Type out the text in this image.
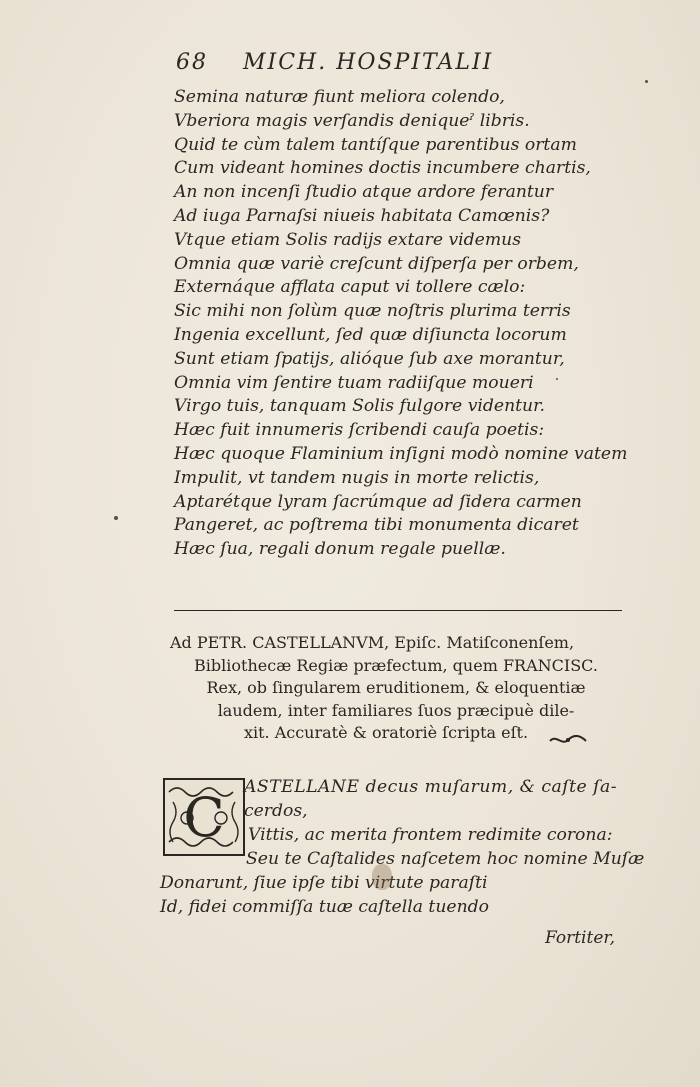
68 MICH. HOSPITALII
Semina naturæ fiunt meliora colendo,
Vberiora magis verſandis deniqueˀ libris.
Quid te cùm talem tantíſque parentibus ortam
Cum videant homines doctis incumbere chartis,
An non incenſi ſtudio atque ardore ferantur
Ad iuga Parnaſsi niueis habitata Camœnis?
Vtque etiam Solis radijs extare videmus
Omnia quæ variè creſcunt diſperſa per orbem,
Externáque afflata caput vi tollere cælo:
Sic mihi non ſolùm quæ noſtris plurima terris
Ingenia excellunt, ſed quæ diſiuncta locorum
Sunt etiam ſpatijs, alióque ſub axe morantur,
Omnia vim ſentire tuam radiiſque moueri
Virgo tuis, tanquam Solis fulgore videntur.
Hæc fuit innumeris ſcribendi cauſa poetis:
Hæc quoque Flaminium inſigni modò nomine vatem
Impulit, vt tandem nugis in morte relictis,
Aptarétque lyram ſacrúmque ad ſidera carmen
Pangeret, ac poſtrema tibi monumenta dicaret
Hæc ſua, regali donum regale puellæ.
Ad PETR. CASTELLANVM, Epiſc. Matiſconenſem,
Bibliothecæ Regiæ præfectum, quem FRANCISC.
Rex, ob ſingularem eruditionem, & eloquentiæ
laudem, inter familiares ſuos præcipuè dile-
xit. Accuratè & oratoriè ſcripta eſt.
C	ASTELLANE decus muſarum, & caſte ſa-
cerdos,
Vittis, ac merita frontem redimite corona:
Seu te Caſtalides naſcetem hoc nomine Muſæ
Donarunt, ſiue ipſe tibi virtute paraſti
Id, fidei commiſſa tuæ caſtella tuendo
Fortiter,
